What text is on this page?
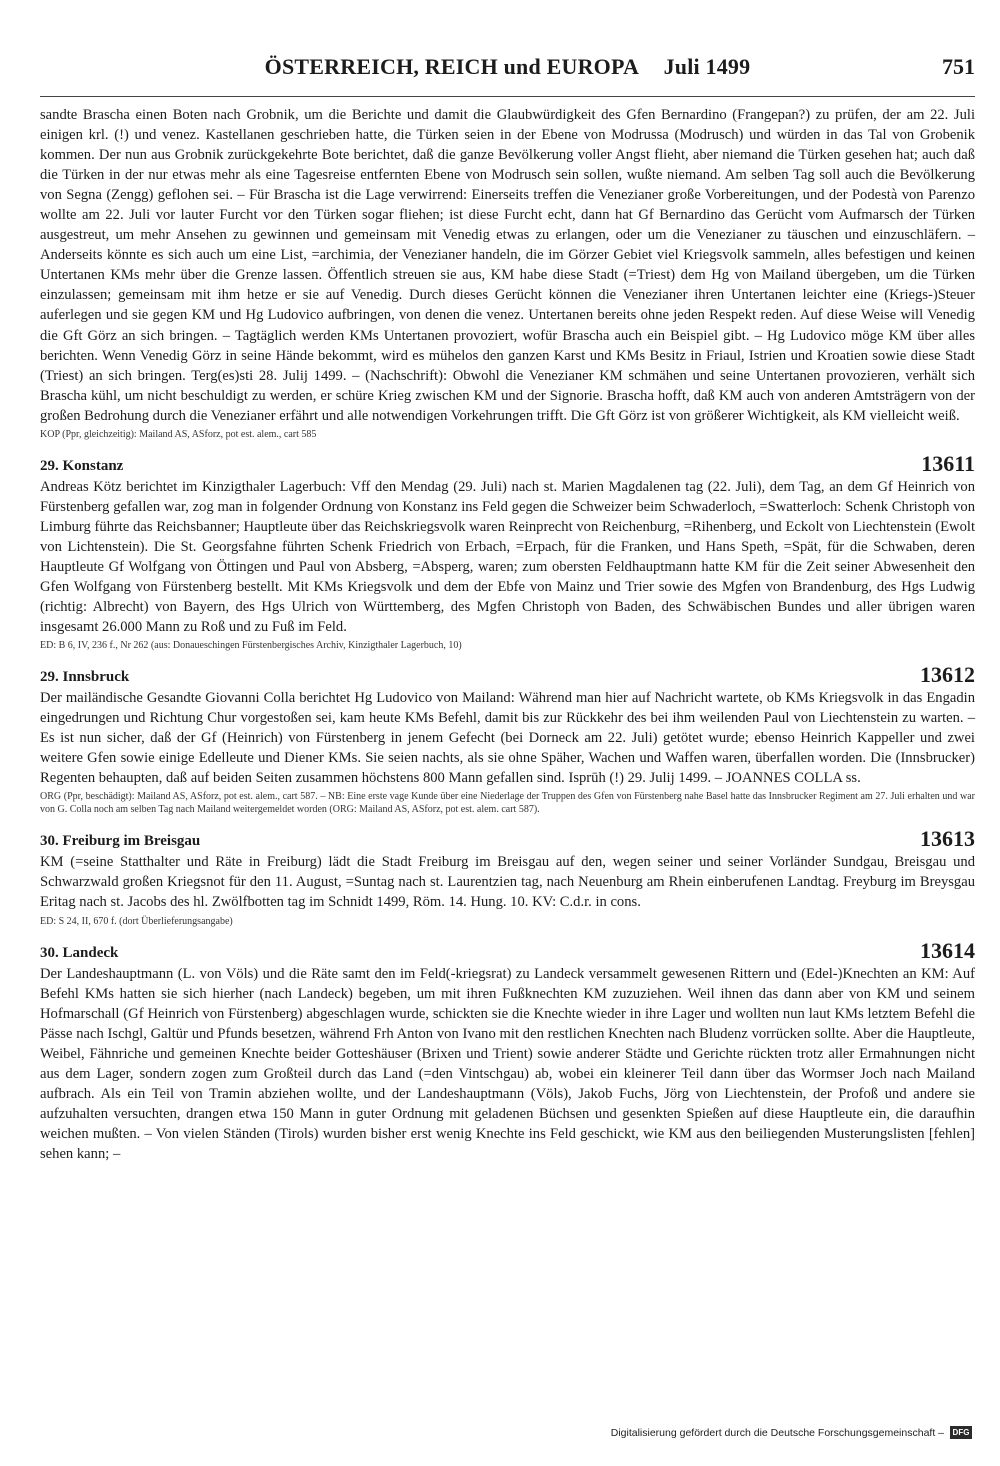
ÖSTERREICH, REICH und EUROPA Juli 1499	751

sandte Brascha einen Boten nach Grobnik, um die Berichte und damit die Glaubwürdigkeit des Gfen Bernardino (Frangepan?) zu prüfen, der am 22. Juli einigen krl. (!) und venez. Kastellanen geschrieben hatte, die Türken seien in der Ebene von Modrussa (Modrusch) und würden in das Tal von Grobenik kommen. Der nun aus Grobnik zurückgekehrte Bote berichtet, daß die ganze Bevölkerung voller Angst flieht, aber niemand die Türken gesehen hat; auch daß die Türken in der nur etwas mehr als eine Tagesreise entfernten Ebene von Modrusch sein sollen, wußte niemand. Am selben Tag soll auch die Bevölkerung von Segna (Zengg) geflohen sei. – Für Brascha ist die Lage verwirrend: Einerseits treffen die Venezianer große Vorbereitungen, und der Podestà von Parenzo wollte am 22. Juli vor lauter Furcht vor den Türken sogar fliehen; ist diese Furcht echt, dann hat Gf Bernardino das Gerücht vom Aufmarsch der Türken ausgestreut, um mehr Ansehen zu gewinnen und gemeinsam mit Venedig etwas zu erlangen, oder um die Venezianer zu täuschen und einzuschläfern. – Anderseits könnte es sich auch um eine List, =archimia, der Venezianer handeln, die im Görzer Gebiet viel Kriegsvolk sammeln, alles befestigen und keinen Untertanen KMs mehr über die Grenze lassen. Öffentlich streuen sie aus, KM habe diese Stadt (=Triest) dem Hg von Mailand übergeben, um die Türken einzulassen; gemeinsam mit ihm hetze er sie auf Venedig. Durch dieses Gerücht können die Venezianer ihren Untertanen leichter eine (Kriegs-)Steuer auferlegen und sie gegen KM und Hg Ludovico aufbringen, von denen die venez. Untertanen bereits ohne jeden Respekt reden. Auf diese Weise will Venedig die Gft Görz an sich bringen. – Tagtäglich werden KMs Untertanen provoziert, wofür Brascha auch ein Beispiel gibt. – Hg Ludovico möge KM über alles berichten. Wenn Venedig Görz in seine Hände bekommt, wird es mühelos den ganzen Karst und KMs Besitz in Friaul, Istrien und Kroatien sowie diese Stadt (Triest) an sich bringen. Terg(es)sti 28. Julij 1499. – (Nachschrift): Obwohl die Venezianer KM schmähen und seine Untertanen provozieren, verhält sich Brascha kühl, um nicht beschuldigt zu werden, er schüre Krieg zwischen KM und der Signorie. Brascha hofft, daß KM auch von anderen Amtsträgern von der großen Bedrohung durch die Venezianer erfährt und alle notwendigen Vorkehrungen trifft. Die Gft Görz ist von größerer Wichtigkeit, als KM vielleicht weiß.

KOP (Ppr, gleichzeitig): Mailand AS, ASforz, pot est. alem., cart 585

29. Konstanz	13611

Andreas Kötz berichtet im Kinzigthaler Lagerbuch: Vff den Mendag (29. Juli) nach st. Marien Magdalenen tag (22. Juli), dem Tag, an dem Gf Heinrich von Fürstenberg gefallen war, zog man in folgender Ordnung von Konstanz ins Feld gegen die Schweizer beim Schwaderloch, =Swatterloch: Schenk Christoph von Limburg führte das Reichsbanner; Hauptleute über das Reichskriegsvolk waren Reinprecht von Reichenburg, =Rihenberg, und Eckolt von Liechtenstein (Ewolt von Lichtenstein). Die St. Georgsfahne führten Schenk Friedrich von Erbach, =Erpach, für die Franken, und Hans Speth, =Spät, für die Schwaben, deren Hauptleute Gf Wolfgang von Öttingen und Paul von Absberg, =Absperg, waren; zum obersten Feldhauptmann hatte KM für die Zeit seiner Abwesenheit den Gfen Wolfgang von Fürstenberg bestellt. Mit KMs Kriegsvolk und dem der Ebfe von Mainz und Trier sowie des Mgfen von Brandenburg, des Hgs Ludwig (richtig: Albrecht) von Bayern, des Hgs Ulrich von Württemberg, des Mgfen Christoph von Baden, des Schwäbischen Bundes und aller übrigen waren insgesamt 26.000 Mann zu Roß und zu Fuß im Feld.

ED: B 6, IV, 236 f., Nr 262 (aus: Donaueschingen Fürstenbergisches Archiv, Kinzigthaler Lagerbuch, 10)

29. Innsbruck	13612

Der mailändische Gesandte Giovanni Colla berichtet Hg Ludovico von Mailand: Während man hier auf Nachricht wartete, ob KMs Kriegsvolk in das Engadin eingedrungen und Richtung Chur vorgestoßen sei, kam heute KMs Befehl, damit bis zur Rückkehr des bei ihm weilenden Paul von Liechtenstein zu warten. – Es ist nun sicher, daß der Gf (Heinrich) von Fürstenberg in jenem Gefecht (bei Dorneck am 22. Juli) getötet wurde; ebenso Heinrich Kappeller und zwei weitere Gfen sowie einige Edelleute und Diener KMs. Sie seien nachts, als sie ohne Späher, Wachen und Waffen waren, überfallen worden. Die (Innsbrucker) Regenten behaupten, daß auf beiden Seiten zusammen höchstens 800 Mann gefallen sind. Isprūh (!) 29. Julij 1499. – JOANNES COLLA ss.

ORG (Ppr, beschädigt): Mailand AS, ASforz, pot est. alem., cart 587. – NB: Eine erste vage Kunde über eine Niederlage der Truppen des Gfen von Fürstenberg nahe Basel hatte das Innsbrucker Regiment am 27. Juli erhalten und war von G. Colla noch am selben Tag nach Mailand weitergemeldet worden (ORG: Mailand AS, ASforz, pot est. alem. cart 587).

30. Freiburg im Breisgau	13613

KM (=seine Statthalter und Räte in Freiburg) lädt die Stadt Freiburg im Breisgau auf den, wegen seiner und seiner Vorländer Sundgau, Breisgau und Schwarzwald großen Kriegsnot für den 11. August, =Suntag nach st. Laurentzien tag, nach Neuenburg am Rhein einberufenen Landtag. Freyburg im Breysgau Eritag nach st. Jacobs des hl. Zwölfbotten tag im Schnidt 1499, Röm. 14. Hung. 10. KV: C.d.r. in cons.

ED: S 24, II, 670 f. (dort Überlieferungsangabe)

30. Landeck	13614

Der Landeshauptmann (L. von Völs) und die Räte samt den im Feld(-kriegsrat) zu Landeck versammelt gewesenen Rittern und (Edel-)Knechten an KM: Auf Befehl KMs hatten sie sich hierher (nach Landeck) begeben, um mit ihren Fußknechten KM zuzuziehen. Weil ihnen das dann aber von KM und seinem Hofmarschall (Gf Heinrich von Fürstenberg) abgeschlagen wurde, schickten sie die Knechte wieder in ihre Lager und wollten nun laut KMs letztem Befehl die Pässe nach Ischgl, Galtür und Pfunds besetzen, während Frh Anton von Ivano mit den restlichen Knechten nach Bludenz vorrücken sollte. Aber die Hauptleute, Weibel, Fähnriche und gemeinen Knechte beider Gotteshäuser (Brixen und Trient) sowie anderer Städte und Gerichte rückten trotz aller Ermahnungen nicht aus dem Lager, sondern zogen zum Großteil durch das Land (=den Vintschgau) ab, wobei ein kleinerer Teil dann über das Wormser Joch nach Mailand aufbrach. Als ein Teil von Tramin abziehen wollte, und der Landeshauptmann (Völs), Jakob Fuchs, Jörg von Liechtenstein, der Profoß und andere sie aufzuhalten versuchten, drangen etwa 150 Mann in guter Ordnung mit geladenen Büchsen und gesenkten Spießen auf diese Hauptleute ein, die daraufhin weichen mußten. – Von vielen Ständen (Tirols) wurden bisher erst wenig Knechte ins Feld geschickt, wie KM aus den beiliegenden Musterungslisten [fehlen] sehen kann; –

Digitalisierung gefördert durch die Deutsche Forschungsgemeinschaft –	DFG
